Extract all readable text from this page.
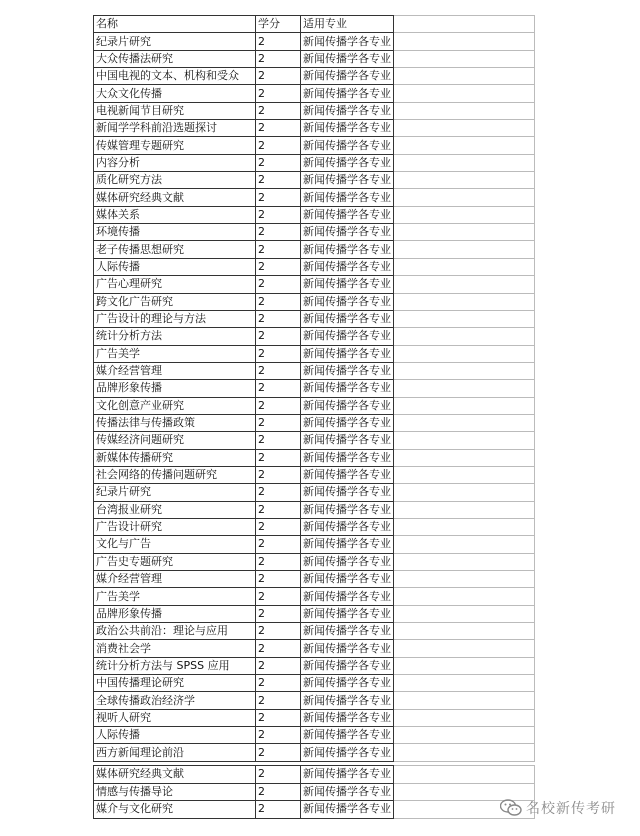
名称	学分	适用专业	
纪录片研究	2	新闻传播学各专业	
大众传播法研究	2	新闻传播学各专业	
中国电视的文本、机构和受众	2	新闻传播学各专业	
大众文化传播	2	新闻传播学各专业	
电视新闻节目研究	2	新闻传播学各专业	
新闻学学科前沿选题探讨	2	新闻传播学各专业	
传媒管理专题研究	2	新闻传播学各专业	
内容分析	2	新闻传播学各专业	
质化研究方法	2	新闻传播学各专业	
媒体研究经典文献	2	新闻传播学各专业	
媒体关系	2	新闻传播学各专业	
环境传播	2	新闻传播学各专业	
老子传播思想研究	2	新闻传播学各专业	
人际传播	2	新闻传播学各专业	
广告心理研究	2	新闻传播学各专业	
跨文化广告研究	2	新闻传播学各专业	
广告设计的理论与方法	2	新闻传播学各专业	
统计分析方法	2	新闻传播学各专业	
广告美学	2	新闻传播学各专业	
媒介经营管理	2	新闻传播学各专业	
品牌形象传播	2	新闻传播学各专业	
文化创意产业研究	2	新闻传播学各专业	
传播法律与传播政策	2	新闻传播学各专业	
传媒经济问题研究	2	新闻传播学各专业	
新媒体传播研究	2	新闻传播学各专业	
社会网络的传播问题研究	2	新闻传播学各专业	
纪录片研究	2	新闻传播学各专业	
台湾报业研究	2	新闻传播学各专业	
广告设计研究	2	新闻传播学各专业	
文化与广告	2	新闻传播学各专业	
广告史专题研究	2	新闻传播学各专业	
媒介经营管理	2	新闻传播学各专业	
广告美学	2	新闻传播学各专业	
品牌形象传播	2	新闻传播学各专业	
政治公共前沿：理论与应用	2	新闻传播学各专业	
消费社会学	2	新闻传播学各专业	
统计分析方法与 SPSS 应用	2	新闻传播学各专业	
中国传播理论研究	2	新闻传播学各专业	
全球传播政治经济学	2	新闻传播学各专业	
视听人研究	2	新闻传播学各专业	
人际传播	2	新闻传播学各专业	
西方新闻理论前沿	2	新闻传播学各专业	
媒体研究经典文献	2	新闻传播学各专业	
情感与传播导论	2	新闻传播学各专业	
媒介与文化研究	2	新闻传播学各专业		名校新传考研
